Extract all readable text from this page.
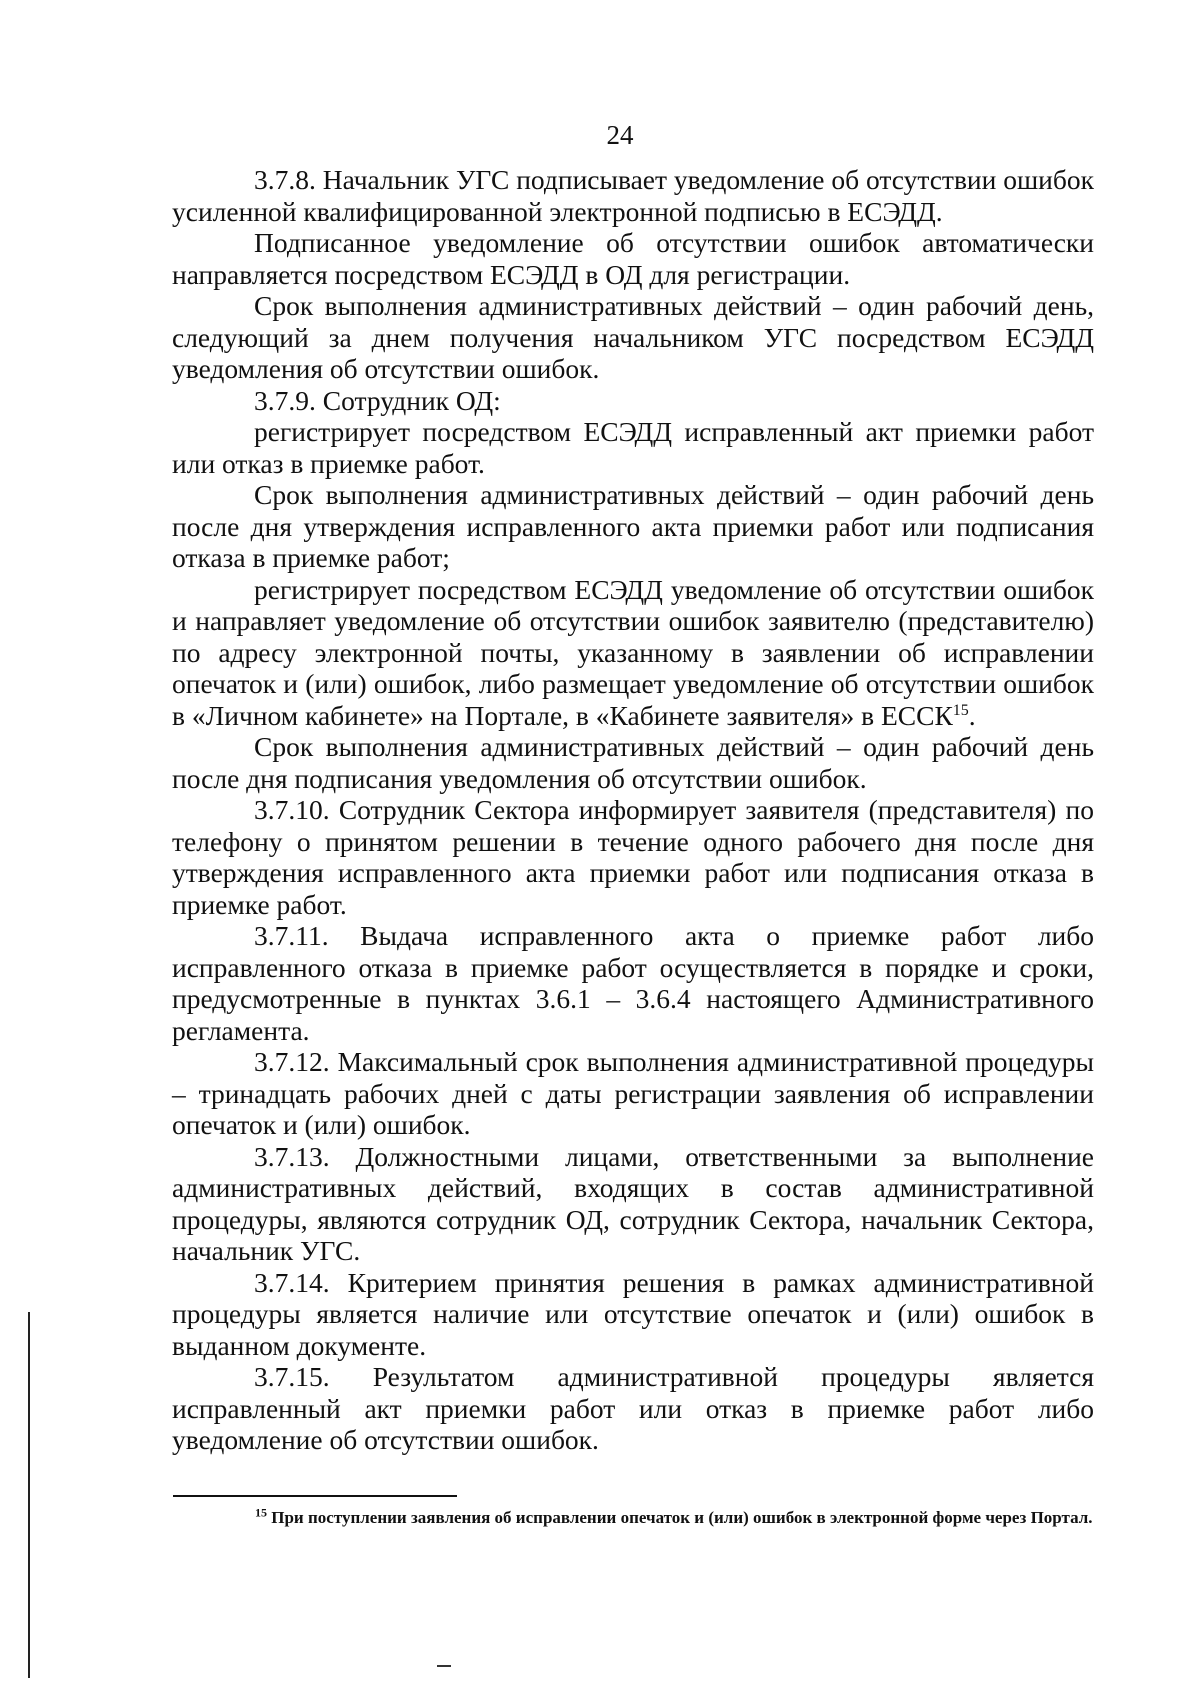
24

3.7.8. Начальник УГС подписывает уведомление об отсутствии ошибок усиленной квалифицированной электронной подписью в ЕСЭДД.

Подписанное уведомление об отсутствии ошибок автоматически направляется посредством ЕСЭДД в ОД для регистрации.

Срок выполнения административных действий – один рабочий день, следующий за днем получения начальником УГС посредством ЕСЭДД уведомления об отсутствии ошибок.

3.7.9. Сотрудник ОД:

регистрирует посредством ЕСЭДД исправленный акт приемки работ или отказ в приемке работ.

Срок выполнения административных действий – один рабочий день после дня утверждения исправленного акта приемки работ или подписания отказа в приемке работ;

регистрирует посредством ЕСЭДД уведомление об отсутствии ошибок и направляет уведомление об отсутствии ошибок заявителю (представителю) по адресу электронной почты, указанному в заявлении об исправлении опечаток и (или) ошибок, либо размещает уведомление об отсутствии ошибок в «Личном кабинете» на Портале, в «Кабинете заявителя» в ЕССК$^{15}$.

Срок выполнения административных действий – один рабочий день после дня подписания уведомления об отсутствии ошибок.

3.7.10. Сотрудник Сектора информирует заявителя (представителя) по телефону о принятом решении в течение одного рабочего дня после дня утверждения исправленного акта приемки работ или подписания отказа в приемке работ.

3.7.11. Выдача исправленного акта о приемке работ либо исправленного отказа в приемке работ осуществляется в порядке и сроки, предусмотренные в пунктах 3.6.1 – 3.6.4 настоящего Административного регламента.

3.7.12. Максимальный срок выполнения административной процедуры – тринадцать рабочих дней с даты регистрации заявления об исправлении опечаток и (или) ошибок.

3.7.13. Должностными лицами, ответственными за выполнение административных действий, входящих в состав административной процедуры, являются сотрудник ОД, сотрудник Сектора, начальник Сектора, начальник УГС.

3.7.14. Критерием принятия решения в рамках административной процедуры является наличие или отсутствие опечаток и (или) ошибок в выданном документе.

3.7.15. Результатом административной процедуры является исправленный акт приемки работ или отказ в приемке работ либо уведомление об отсутствии ошибок.

$^{15}$ При поступлении заявления об исправлении опечаток и (или) ошибок в электронной форме через Портал.
